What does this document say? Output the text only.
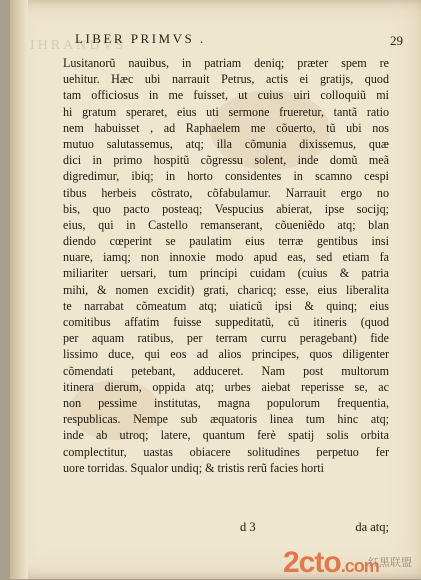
IHRANDVS
LIBER PRIMVS .	29
Lusitanorũ nauibus, in patriam deniq; præter spem re
uehitur. Hæc ubi narrauit Petrus, actis ei gratijs, quod
tam officiosus in me fuisset, ut cuius uiri colloquiũ mi
hi gratum speraret, eius uti sermone frueretur, tantã ratio
nem habuisset , ad Raphaelem me cõuerto, tũ ubi nos
mutuo salutassemus, atq; illa cõmunia dixissemus, quæ
dici in primo hospitũ cõgressu solent, inde domũ meã
digredimur, ibiq; in horto considentes in scamno cespi
tibus herbeis cõstrato, cõfabulamur. Narrauit ergo no
bis, quo pacto posteaq; Vespucius abierat, ipse socijq;
eius, qui in Castello remanserant, cõueniẽdo atq; blan
diendo cœperint se paulatim eius terræ gentibus insi
nuare, iamq; non innoxie modo apud eas, sed etiam fa
miliariter uersari, tum principi cuidam (cuius & patria
mihi, & nomen excidit) grati, charicq; esse, eius liberalita
te narrabat cõmeatum atq; uiaticũ ipsi & quinq; eius
comitibus affatim fuisse suppeditatũ, cũ itineris (quod
per aquam ratibus, per terram curru peragebant) fide
lissimo duce, qui eos ad alios principes, quos diligenter
cõmendati petebant, adduceret. Nam post multorum
itinera dierum, oppida atq; urbes aiebat reperisse se, ac
non pessime institutas, magna populorum frequentia,
respublicas. Nempe sub æquatoris linea tum hinc atq;
inde ab utroq; latere, quantum ferè spatij solis orbita
complectitur, uastas obiacere solitudines perpetuo fer
uore torridas. Squalor undiq; & tristis rerũ facies horti
d 3	da atq;
2cto.com
红黑联盟
